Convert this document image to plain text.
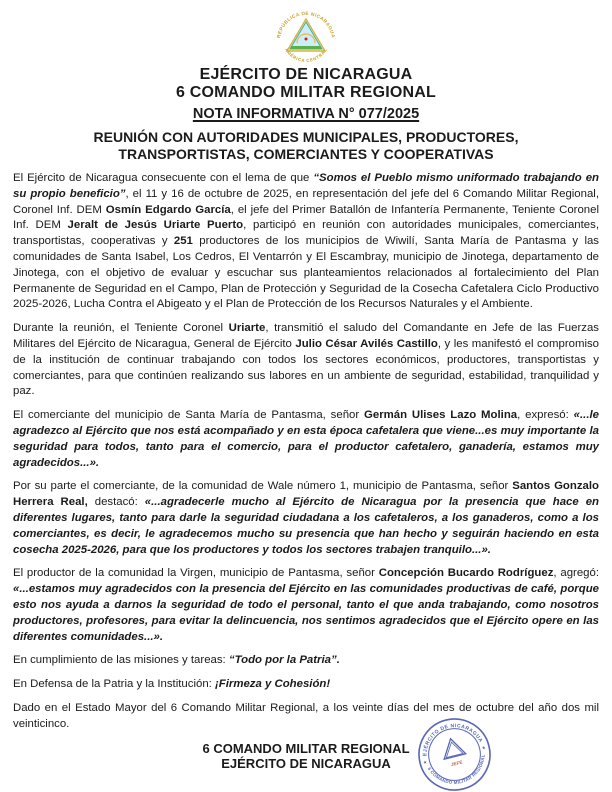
REPÚBLICA DE NICARAGUA
AMÉRICA CENTRAL

EJÉRCITO DE NICARAGUA

6 COMANDO MILITAR REGIONAL

NOTA INFORMATIVA N° 077/2025

REUNIÓN CON AUTORIDADES MUNICIPALES, PRODUCTORES, TRANSPORTISTAS, COMERCIANTES Y COOPERATIVAS

El Ejército de Nicaragua consecuente con el lema de que “Somos el Pueblo mismo uniformado trabajando en su propio beneficio”, el 11 y 16 de octubre de 2025, en representación del jefe del 6 Comando Militar Regional, Coronel Inf. DEM Osmín Edgardo García, el jefe del Primer Batallón de Infantería Permanente, Teniente Coronel Inf. DEM Jeralt de Jesús Uriarte Puerto, participó en reunión con autoridades municipales, comerciantes, transportistas, cooperativas y 251 productores de los municipios de Wiwilí, Santa María de Pantasma y las comunidades de Santa Isabel, Los Cedros, El Ventarrón y El Escambray, municipio de Jinotega, departamento de Jinotega, con el objetivo de evaluar y escuchar sus planteamientos relacionados al fortalecimiento del Plan Permanente de Seguridad en el Campo, Plan de Protección y Seguridad de la Cosecha Cafetalera Ciclo Productivo 2025-2026, Lucha Contra el Abigeato y el Plan de Protección de los Recursos Naturales y el Ambiente.

Durante la reunión, el Teniente Coronel Uriarte, transmitió el saludo del Comandante en Jefe de las Fuerzas Militares del Ejército de Nicaragua, General de Ejército Julio César Avilés Castillo, y les manifestó el compromiso de la institución de continuar trabajando con todos los sectores económicos, productores, transportistas y comerciantes, para que continúen realizando sus labores en un ambiente de seguridad, estabilidad, tranquilidad y paz.

El comerciante del municipio de Santa María de Pantasma, señor Germán Ulises Lazo Molina, expresó: «...le agradezco al Ejército que nos está acompañado y en esta época cafetalera que viene...es muy importante la seguridad para todos, tanto para el comercio, para el productor cafetalero, ganadería, estamos muy agradecidos...».

Por su parte el comerciante, de la comunidad de Wale número 1, municipio de Pantasma, señor Santos Gonzalo Herrera Real, destacó: «...agradecerle mucho al Ejército de Nicaragua por la presencia que hace en diferentes lugares, tanto para darle la seguridad ciudadana a los cafetaleros, a los ganaderos, como a los comerciantes, es decir, le agradecemos mucho su presencia que han hecho y seguirán haciendo en esta cosecha 2025-2026, para que los productores y todos los sectores trabajen tranquilo...».

El productor de la comunidad la Virgen, municipio de Pantasma, señor Concepción Bucardo Rodríguez, agregó: «...estamos muy agradecidos con la presencia del Ejército en las comunidades productivas de café, porque esto nos ayuda a darnos la seguridad de todo el personal, tanto el que anda trabajando, como nosotros productores, profesores, para evitar la delincuencia, nos sentimos agradecidos que el Ejército opere en las diferentes comunidades...».

En cumplimiento de las misiones y tareas: “Todo por la Patria”.

En Defensa de la Patria y la Institución: ¡Firmeza y Cohesión!

Dado en el Estado Mayor del 6 Comando Militar Regional, a los veinte días del mes de octubre del año dos mil veinticinco.

6 COMANDO MILITAR REGIONAL
EJÉRCITO DE NICARAGUA
EJÉRCITO DE NICARAGUA
6 COMANDO MILITAR REGIONAL
★
★
JEFE
